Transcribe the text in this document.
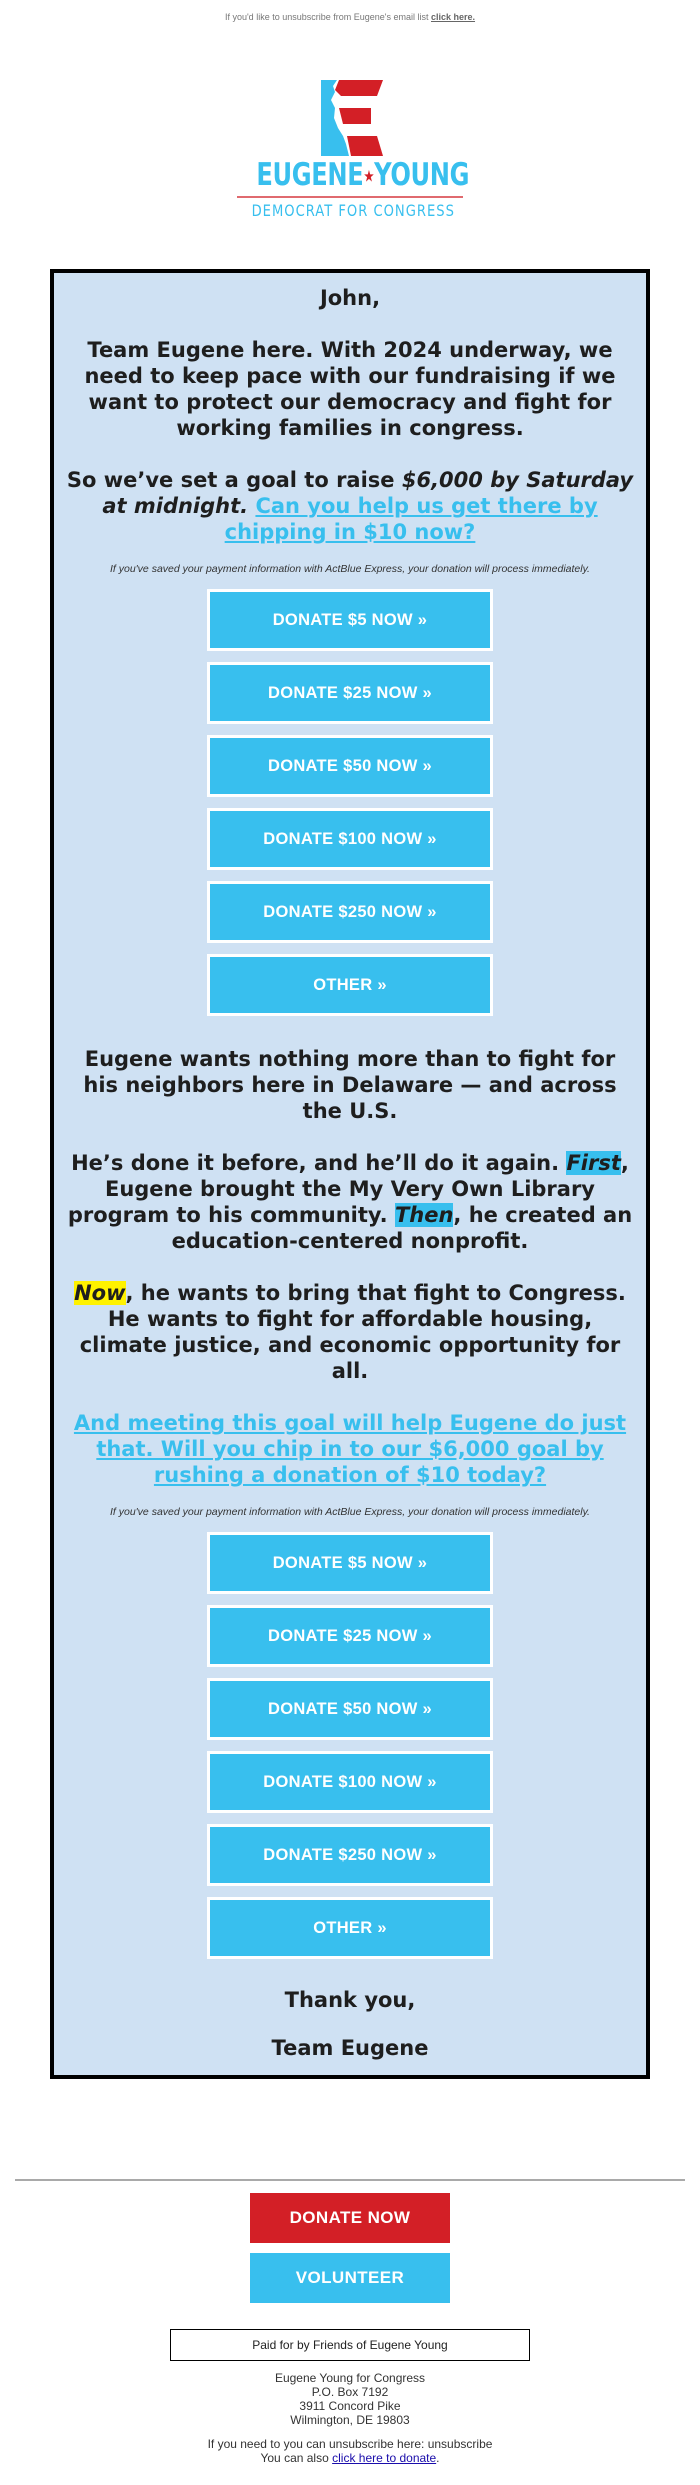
If you'd like to unsubscribe from Eugene's email list click here.
EUGENE★YOUNG
DEMOCRAT FOR CONGRESS

John,

Team Eugene here. With 2024 underway, we need to keep pace with our fundraising if we want to protect our democracy and fight for working families in congress.

So we’ve set a goal to raise $6,000 by Saturday at midnight. Can you help us get there by chipping in $10 now?

If you've saved your payment information with ActBlue Express, your donation will process immediately.

DONATE $5 NOW »
DONATE $25 NOW »
DONATE $50 NOW »
DONATE $100 NOW »
DONATE $250 NOW »
OTHER »

Eugene wants nothing more than to fight for his neighbors here in Delaware — and across the U.S.

He’s done it before, and he’ll do it again. First, Eugene brought the My Very Own Library program to his community. Then, he created an education-centered nonprofit.

Now, he wants to bring that fight to Congress. He wants to fight for affordable housing, climate justice, and economic opportunity for all.

And meeting this goal will help Eugene do just that. Will you chip in to our $6,000 goal by rushing a donation of $10 today?

If you've saved your payment information with ActBlue Express, your donation will process immediately.

DONATE $5 NOW »
DONATE $25 NOW »
DONATE $50 NOW »
DONATE $100 NOW »
DONATE $250 NOW »
OTHER »

Thank you,

Team Eugene

DONATE NOW
VOLUNTEER
Paid for by Friends of Eugene Young
Eugene Young for Congress
P.O. Box 7192
3911 Concord Pike
Wilmington, DE 19803
If you need to you can unsubscribe here: unsubscribe
You can also click here to donate.
